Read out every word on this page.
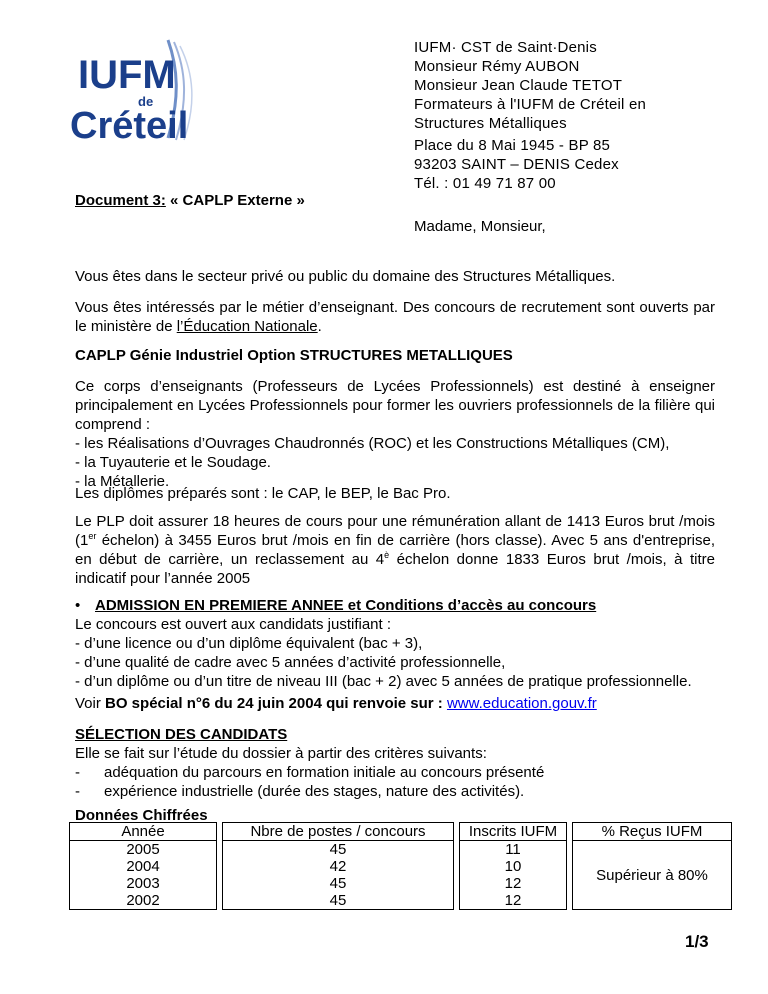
IUFM
de
Créteil
IUFM· CST de Saint·Denis
Monsieur Rémy AUBON
Monsieur Jean Claude TETOT
Formateurs à l'IUFM de Créteil en
Structures Métalliques
Place du 8 Mai 1945 - BP 85
93203 SAINT – DENIS Cedex
Tél. : 01 49 71 87 00
Document 3: « CAPLP Externe »
Madame, Monsieur,
Vous êtes dans le secteur privé ou public du domaine des Structures Métalliques.
Vous êtes intéressés par le métier d’enseignant. Des concours de recrutement sont ouverts par le ministère de l’Éducation Nationale.
CAPLP Génie Industriel Option STRUCTURES METALLIQUES
Ce corps d’enseignants (Professeurs de Lycées Professionnels) est destiné à enseigner principalement en Lycées Professionnels pour former les ouvriers professionnels de la filière qui comprend :
- les Réalisations d’Ouvrages Chaudronnés (ROC) et les Constructions Métalliques (CM),
- la Tuyauterie et le Soudage.
- la Métallerie.
Les diplômes préparés sont : le CAP, le BEP, le Bac Pro.
Le PLP doit assurer 18 heures de cours pour une rémunération allant de 1413 Euros brut /mois (1er échelon) à 3455 Euros brut /mois en fin de carrière (hors classe). Avec 5 ans d'entreprise, en début de carrière, un reclassement au $4^è$ échelon donne 1833 Euros brut /mois, à titre indicatif pour l’année 2005
• ADMISSION EN PREMIERE ANNEE et Conditions d’accès au concours
Le concours est ouvert aux candidats justifiant :
- d’une licence ou d’un diplôme équivalent (bac + 3),
- d’une qualité de cadre avec 5 années d’activité professionnelle,
- d’un diplôme ou d’un titre de niveau III (bac + 2) avec 5 années de pratique professionnelle.
Voir BO spécial n°6 du 24 juin 2004 qui renvoie sur : www.education.gouv.fr
SÉLECTION DES CANDIDATS
Elle se fait sur l’étude du dossier à partir des critères suivants:
- adéquation du parcours en formation initiale au concours présenté
- expérience industrielle (durée des stages, nature des activités).
Données Chiffrées
Année		Nbre de postes / concours		Inscrits IUFM		% Reçus IUFM
2005		45		11		Supérieur à 80%
2004		42		10		
2003		45		12		
2002		45		12		
1/3
